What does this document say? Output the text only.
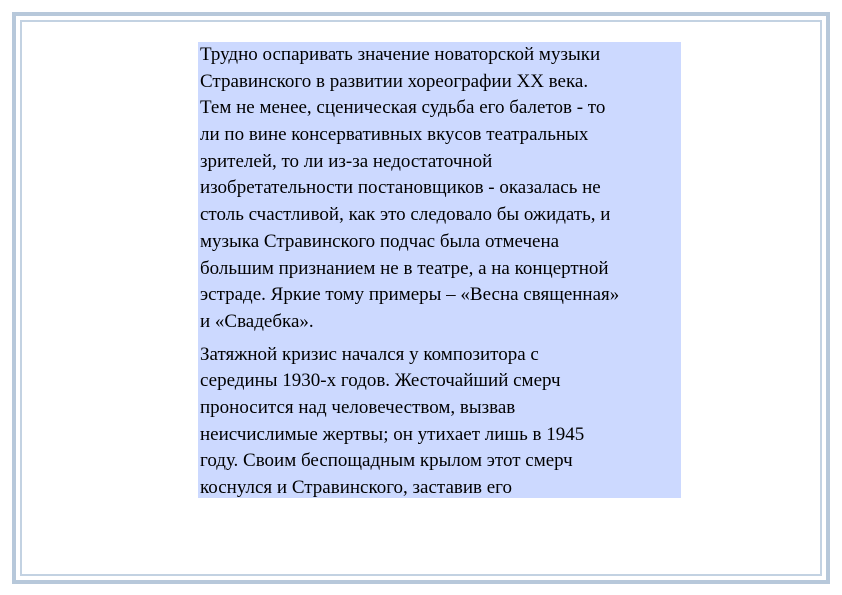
Трудно оспаривать значение новаторской музыки
Стравинского в развитии хореографии XX века.
Тем не менее, сценическая судьба его балетов - то
ли по вине консервативных вкусов театральных
зрителей, то ли из-за недостаточной
изобретательности постановщиков - оказалась не
столь счастливой, как это следовало бы ожидать, и
музыка Стравинского подчас была отмечена
большим признанием не в театре, а на концертной
эстраде. Яркие тому примеры – «Весна священная»
и «Свадебка».

Затяжной кризис начался у композитора с
середины 1930-х годов. Жесточайший смерч
проносится над человечеством, вызвав
неисчислимые жертвы; он утихает лишь в 1945
году. Своим беспощадным крылом этот смерч
коснулся и Стравинского, заставив его
